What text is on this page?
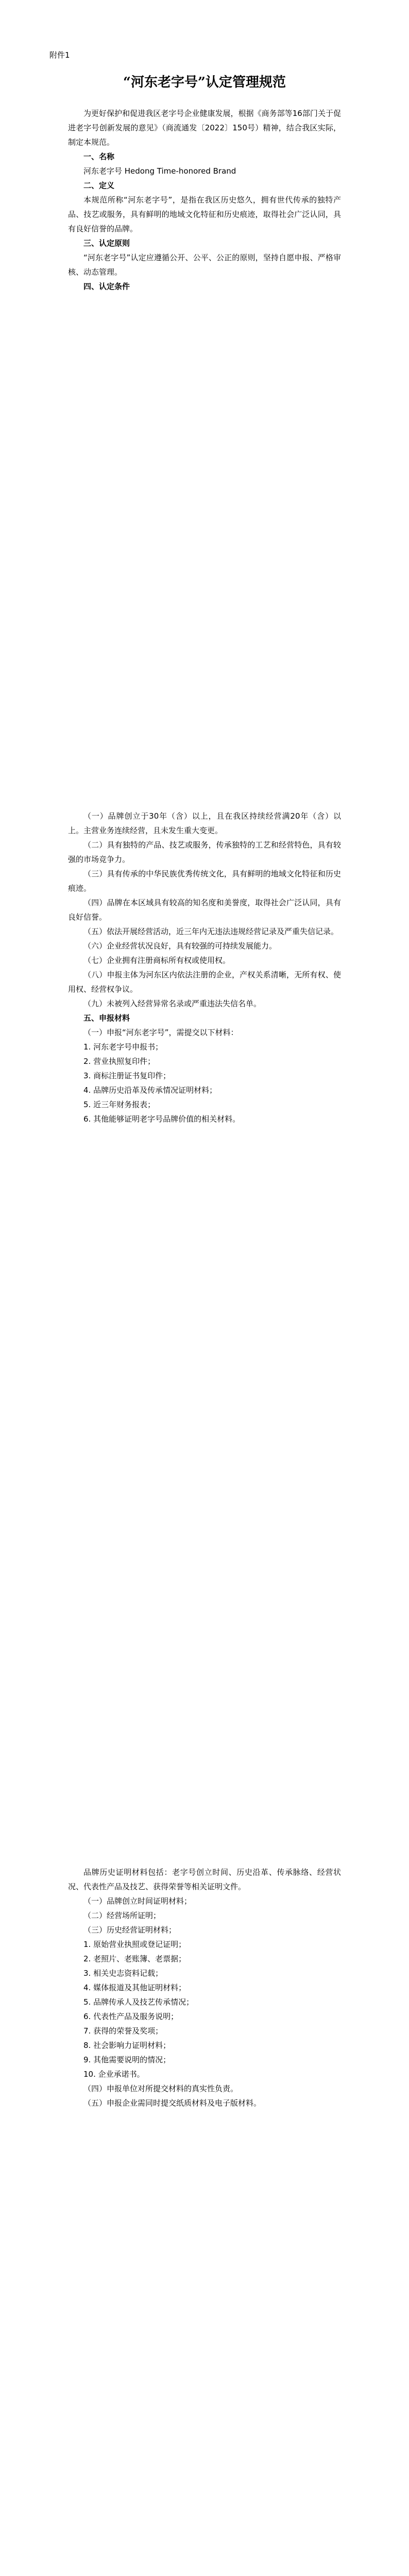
附件1
“河东老字号”认定管理规范

为更好保护和促进我区老字号企业健康发展，根据《商务部等16部门关于促进老字号创新发展的意见》（商流通发〔2022〕150号）精神，结合我区实际，制定本规范。

一、名称

河东老字号 Hedong Time-honored Brand

二、定义

本规范所称“河东老字号”，是指在我区历史悠久，拥有世代传承的独特产品、技艺或服务，具有鲜明的地域文化特征和历史痕迹，取得社会广泛认同，具有良好信誉的品牌。

三、认定原则

“河东老字号”认定应遵循公开、公平、公正的原则，坚持自愿申报、严格审核、动态管理。

四、认定条件

（一）品牌创立于30年（含）以上，且在我区持续经营满20年（含）以上。主营业务连续经营，且未发生重大变更。

（二）具有独特的产品、技艺或服务，传承独特的工艺和经营特色，具有较强的市场竞争力。

（三）具有传承的中华民族优秀传统文化，具有鲜明的地域文化特征和历史痕迹。

（四）品牌在本区域具有较高的知名度和美誉度，取得社会广泛认同，具有良好信誉。

（五）依法开展经营活动，近三年内无违法违规经营记录及严重失信记录。

（六）企业经营状况良好，具有较强的可持续发展能力。

（七）企业拥有注册商标所有权或使用权。

（八）申报主体为河东区内依法注册的企业，产权关系清晰，无所有权、使用权、经营权争议。

（九）未被列入经营异常名录或严重违法失信名单。

五、申报材料

（一）申报“河东老字号”，需提交以下材料：

1. 河东老字号申报书；

2. 营业执照复印件；

3. 商标注册证书复印件；

4. 品牌历史沿革及传承情况证明材料；

5. 近三年财务报表；

6. 其他能够证明老字号品牌价值的相关材料。

品牌历史证明材料包括：老字号创立时间、历史沿革、传承脉络、经营状况、代表性产品及技艺、获得荣誉等相关证明文件。

（一）品牌创立时间证明材料；

（二）经营场所证明；

（三）历史经营证明材料；

1. 原始营业执照或登记证明；

2. 老照片、老账簿、老票据；

3. 相关史志资料记载；

4. 媒体报道及其他证明材料；

5. 品牌传承人及技艺传承情况；

6. 代表性产品及服务说明；

7. 获得的荣誉及奖项；

8. 社会影响力证明材料；

9. 其他需要说明的情况；

10. 企业承诺书。

（四）申报单位对所提交材料的真实性负责。

（五）申报企业需同时提交纸质材料及电子版材料。
